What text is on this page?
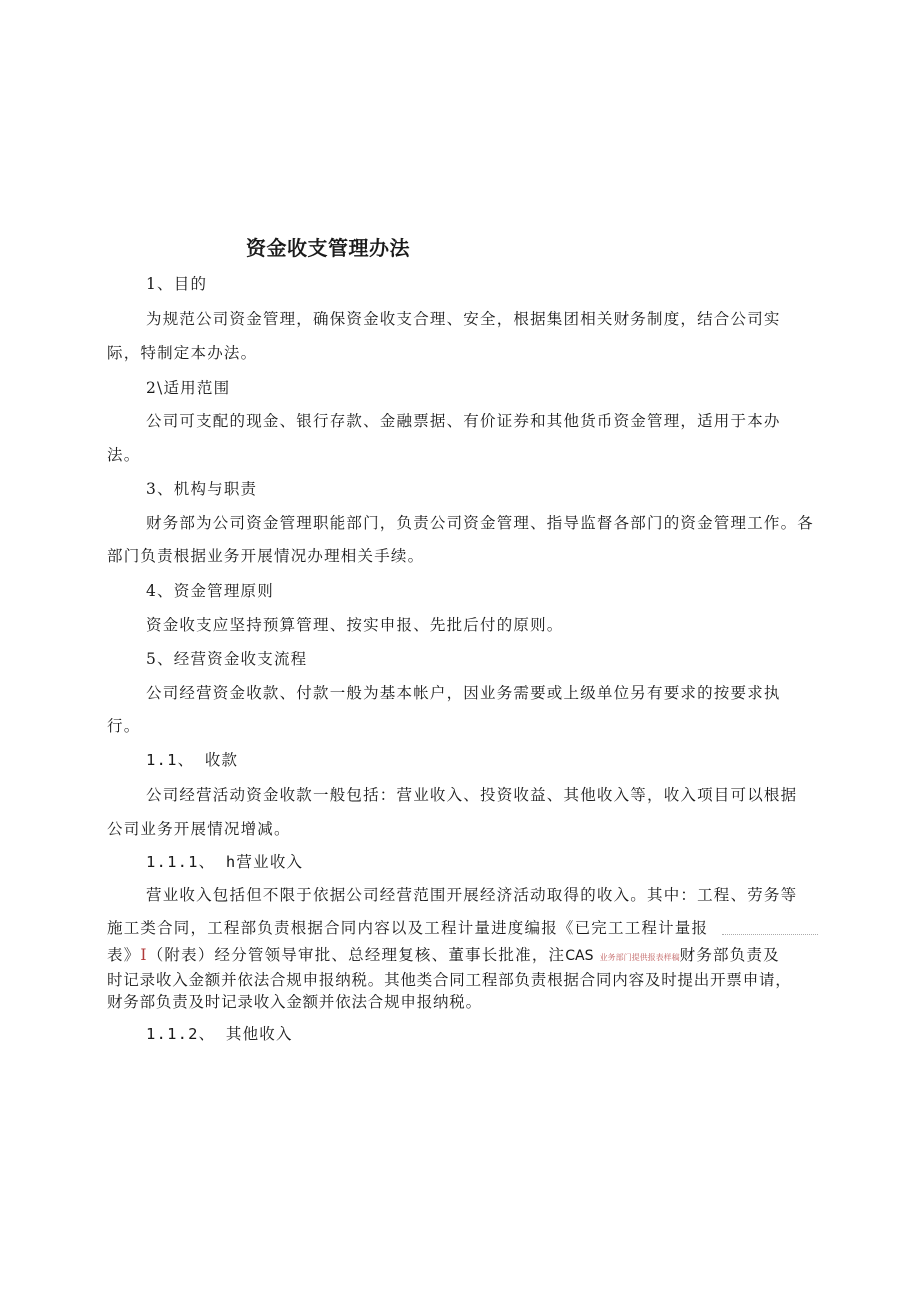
资金收支管理办法
1、目的
为规范公司资金管理，确保资金收支合理、安全，根据集团相关财务制度，结合公司实
际，特制定本办法。
2\适用范围
公司可支配的现金、银行存款、金融票据、有价证券和其他货币资金管理，适用于本办
法。
3、机构与职责
财务部为公司资金管理职能部门，负责公司资金管理、指导监督各部门的资金管理工作。各
部门负责根据业务开展情况办理相关手续。
4、资金管理原则
资金收支应坚持预算管理、按实申报、先批后付的原则。
5、经营资金收支流程
公司经营资金收款、付款一般为基本帐户，因业务需要或上级单位另有要求的按要求执
行。
1.1、 收款
公司经营活动资金收款一般包括：营业收入、投资收益、其他收入等，收入项目可以根据
公司业务开展情况增减。
1.1.1、 h营业收入
营业收入包括但不限于依据公司经营范围开展经济活动取得的收入。其中：工程、劳务等
施工类合同，工程部负责根据合同内容以及工程计量进度编报《已完工工程计量报
表》I（附表）经分管领导审批、总经理复核、董事长批准，注CAS 业务部门提供报表样稿财务部负责及
时记录收入金额并依法合规申报纳税。其他类合同工程部负责根据合同内容及时提出开票申请，
财务部负责及时记录收入金额并依法合规申报纳税。
1.1.2、 其他收入
